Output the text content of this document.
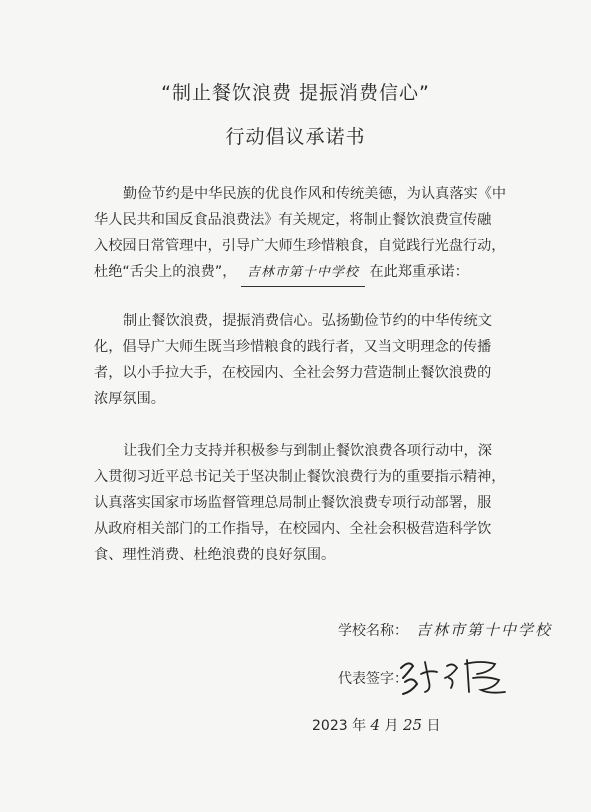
“制止餐饮浪费 提振消费信心”
行动倡议承诺书
勤俭节约是中华民族的优良作风和传统美德，为认真落实《中
华人民共和国反食品浪费法》有关规定，将制止餐饮浪费宣传融
入校园日常管理中，引导广大师生珍惜粮食，自觉践行光盘行动，
杜绝“舌尖上的浪费”， 吉林市第十中学校 在此郑重承诺：
制止餐饮浪费，提振消费信心。弘扬勤俭节约的中华传统文
化，倡导广大师生既当珍惜粮食的践行者，又当文明理念的传播
者，以小手拉大手，在校园内、全社会努力营造制止餐饮浪费的
浓厚氛围。
让我们全力支持并积极参与到制止餐饮浪费各项行动中，深
入贯彻习近平总书记关于坚决制止餐饮浪费行为的重要指示精神，
认真落实国家市场监督管理总局制止餐饮浪费专项行动部署，服
从政府相关部门的工作指导，在校园内、全社会积极营造科学饮
食、理性消费、杜绝浪费的良好氛围。
学校名称： 吉林市第十中学校
代表签字：
2023 年 4 月 25 日
